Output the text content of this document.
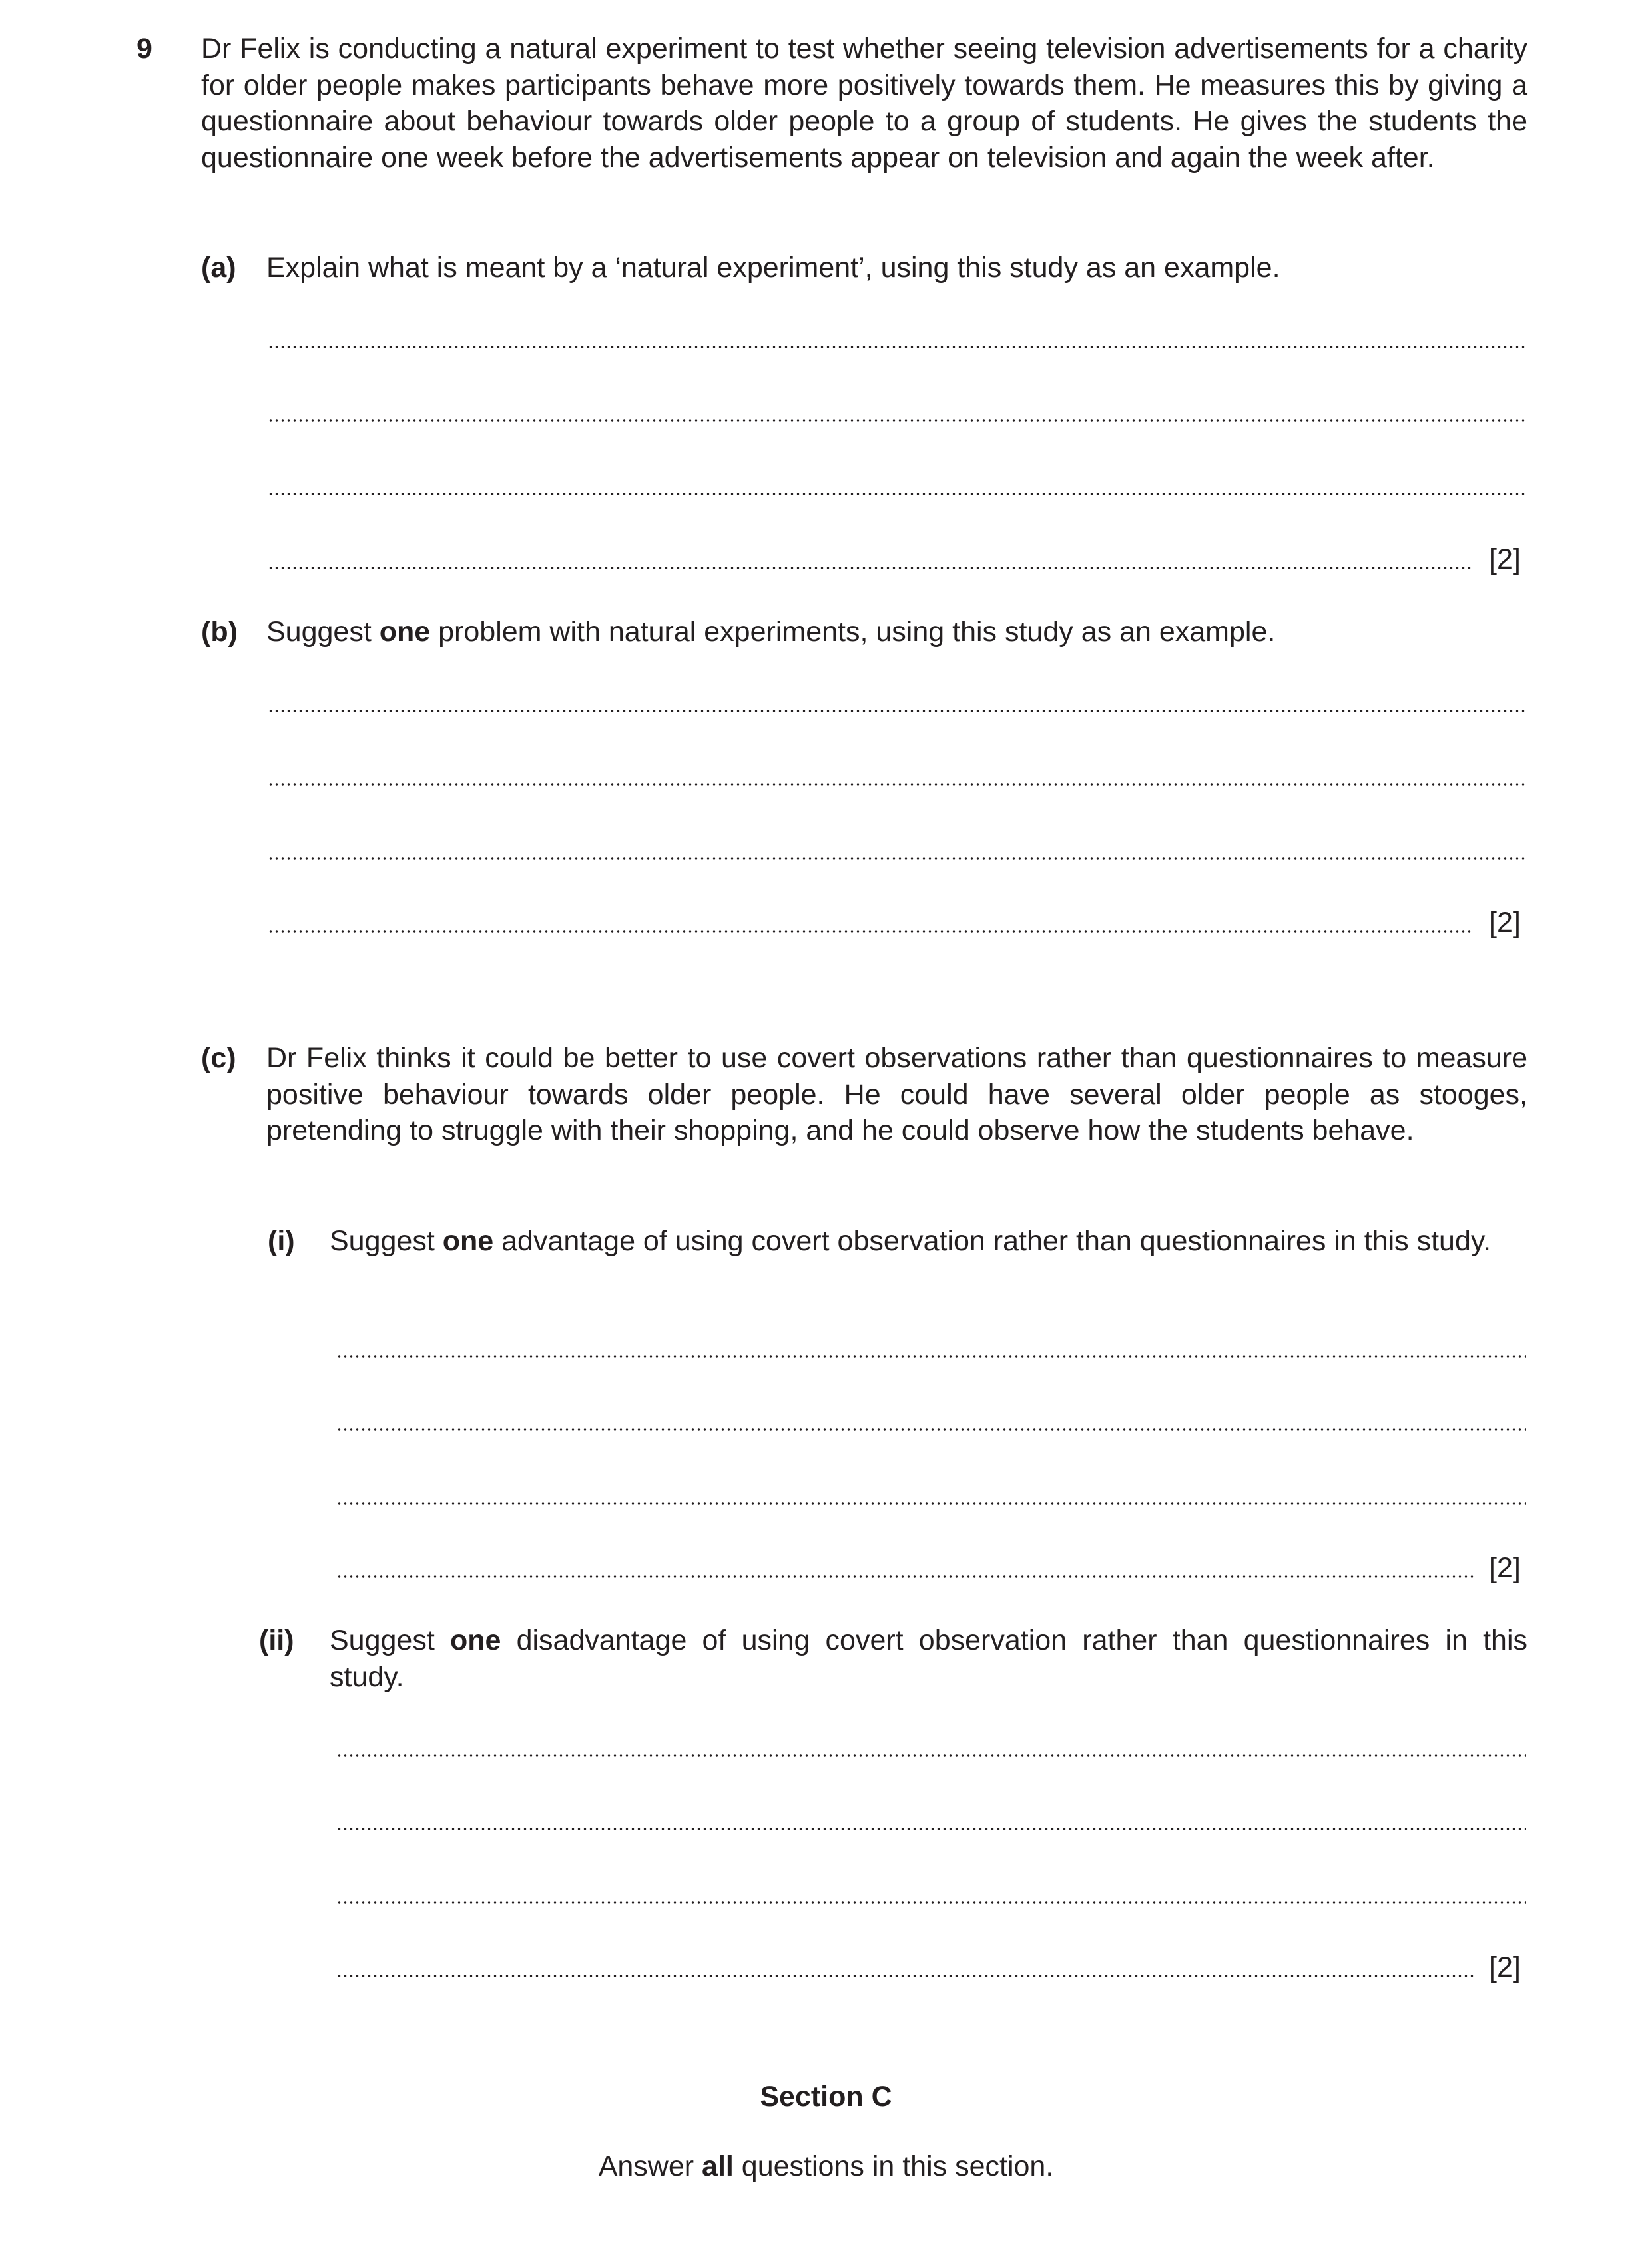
9 Dr Felix is conducting a natural experiment to test whether seeing television advertisements for a charity for older people makes participants behave more positively towards them. He measures this by giving a questionnaire about behaviour towards older people to a group of students. He gives the students the questionnaire one week before the advertisements appear on television and again the week after.
(a) Explain what is meant by a ‘natural experiment’, using this study as an example.
[2]
(b) Suggest one problem with natural experiments, using this study as an example.
[2]
(c) Dr Felix thinks it could be better to use covert observations rather than questionnaires to measure positive behaviour towards older people. He could have several older people as stooges, pretending to struggle with their shopping, and he could observe how the students behave.
(i) Suggest one advantage of using covert observation rather than questionnaires in this study.
[2]
(ii) Suggest one disadvantage of using covert observation rather than questionnaires in this study.
[2]
Section C
Answer all questions in this section.
